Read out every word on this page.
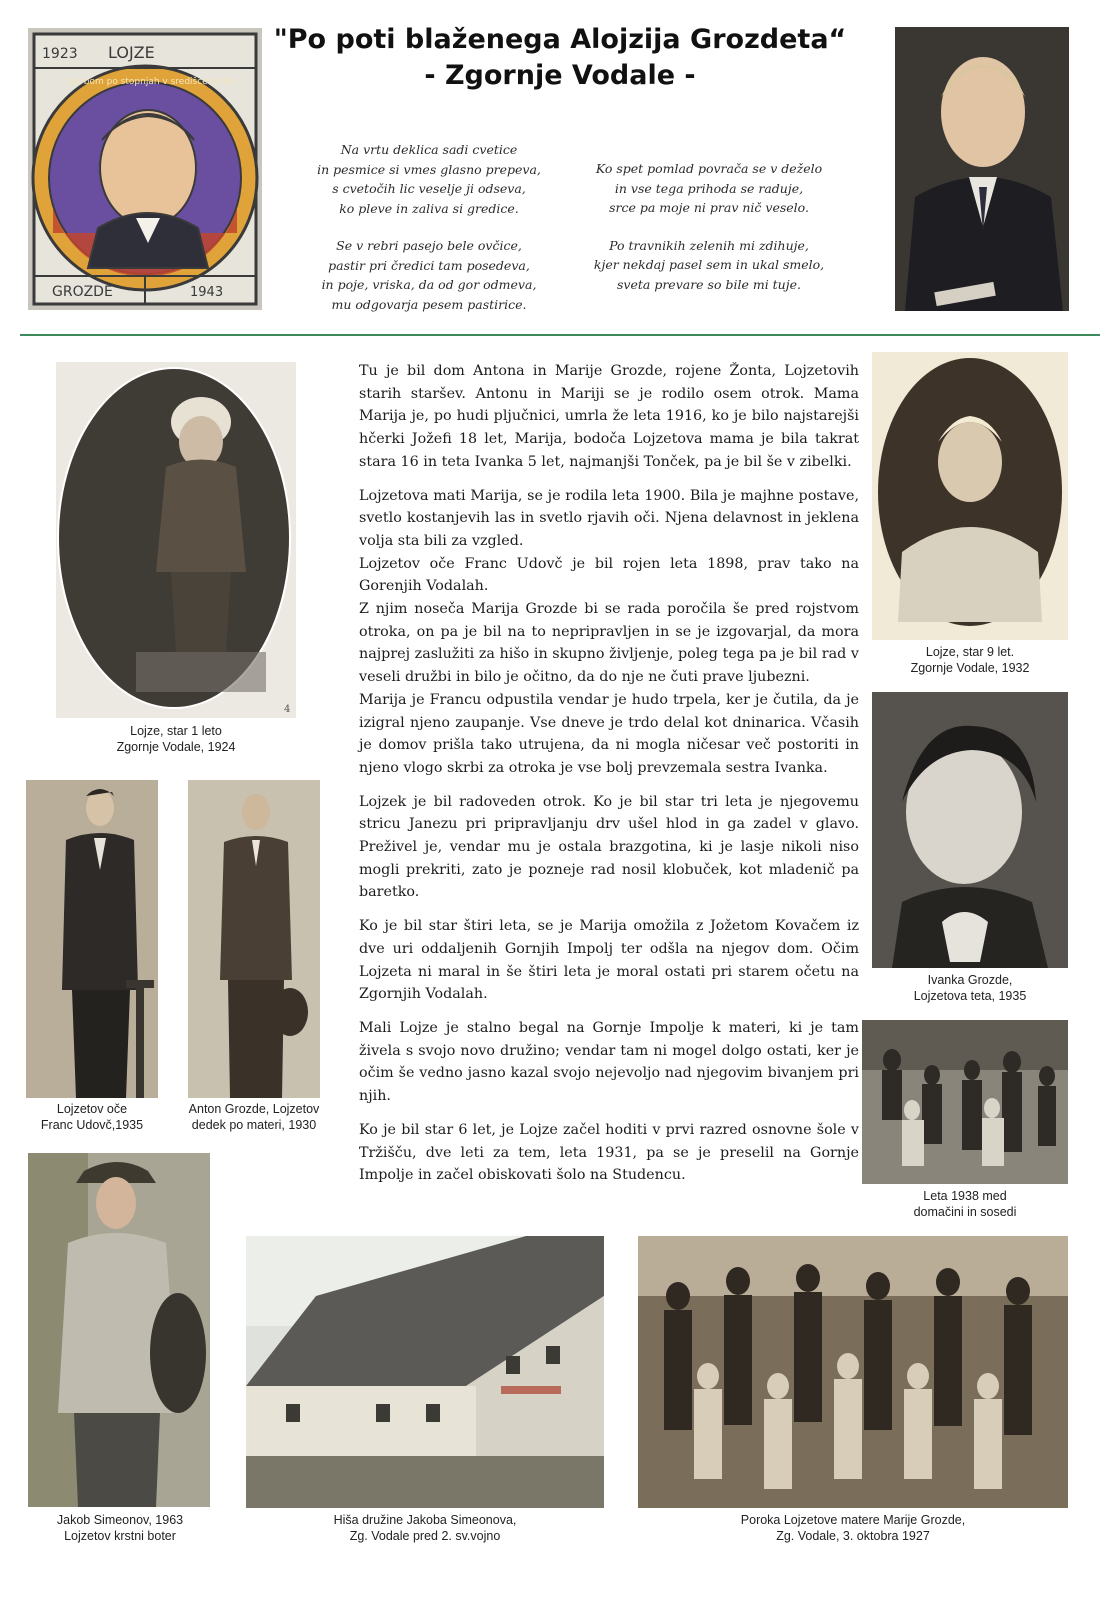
"Po poti blaženega Alojzija Grozdeta“
- Zgornje Vodale -
1923 LOJZE
Jaz bom po stopnjah v središče prišel
GROZDE	1943

Na vrtu deklica sadi cvetice

in pesmice si vmes glasno prepeva,

s cvetočih lic veselje ji odseva,

ko pleve in zaliva si gredice.

Se v rebri pasejo bele ovčice,

pastir pri čredici tam posedeva,

in poje, vriska, da od gor odmeva,

mu odgovarja pesem pastirice.

Ko spet pomlad povrača se v deželo

in vse tega prihoda se raduje,

srce pa moje ni prav nič veselo.

Po travnikih zelenih mi zdihuje,

kjer nekdaj pasel sem in ukal smelo,

sveta prevare so bile mi tuje.

4
Lojze, star 1 leto
Zgornje Vodale, 1924
Lojzetov oče
Franc Udovč,1935
Anton Grozde, Lojzetov
dedek po materi, 1930

Tu je bil dom Antona in Marije Grozde, rojene Žonta, Lojzetovih starih staršev. Antonu in Mariji se je rodilo osem otrok. Mama Marija je, po hudi pljučnici, umrla že leta 1916, ko je bilo najstarejši hčerki Jožefi 18 let, Marija, bodoča Lojzetova mama je bila takrat stara 16 in teta Ivanka 5 let, najmanjši Tonček, pa je bil še v zibelki.

Lojzetova mati Marija, se je rodila leta 1900. Bila je majhne postave, svetlo kostanjevih las in svetlo rjavih oči. Njena delavnost in jeklena volja sta bili za vzgled.

Lojzetov oče Franc Udovč je bil rojen leta 1898, prav tako na Gorenjih Vodalah.

Z njim noseča Marija Grozde bi se rada poročila še pred rojstvom otroka, on pa je bil na to nepripravljen in se je izgovarjal, da mora najprej zaslužiti za hišo in skupno življenje, poleg tega pa je bil rad v veseli družbi in bilo je očitno, da do nje ne čuti prave ljubezni.

Marija je Francu odpustila vendar je hudo trpela, ker je čutila, da je izigral njeno zaupanje. Vse dneve je trdo delal kot dninarica. Včasih je domov prišla tako utrujena, da ni mogla ničesar več postoriti in njeno vlogo skrbi za otroka je vse bolj prevzemala sestra Ivanka.

Lojzek je bil radoveden otrok. Ko je bil star tri leta je njegovemu stricu Janezu pri pripravljanju drv ušel hlod in ga zadel v glavo. Preživel je, vendar mu je ostala brazgotina, ki je lasje nikoli niso mogli prekriti, zato je pozneje rad nosil klobuček, kot mladenič pa baretko.

Ko je bil star štiri leta, se je Marija omožila z Jožetom Kovačem iz dve uri oddaljenih Gornjih Impolj ter odšla na njegov dom. Očim Lojzeta ni maral in še štiri leta je moral ostati pri starem očetu na Zgornjih Vodalah.

Mali Lojze je stalno begal na Gornje Impolje k materi, ki je tam živela s svojo novo družino; vendar tam ni mogel dolgo ostati, ker je očim še vedno jasno kazal svojo nejevoljo nad njegovim bivanjem pri njih.

Ko je bil star 6 let, je Lojze začel hoditi v prvi razred osnovne šole v Tržišču, dve leti za tem, leta 1931, pa se je preselil na Gornje Impolje in začel obiskovati šolo na Studencu.

Lojze, star 9 let.
Zgornje Vodale, 1932
Ivanka Grozde,
Lojzetova teta, 1935
Leta 1938 med
domačini in sosedi
Jakob Simeonov, 1963
Lojzetov krstni boter
Hiša družine Jakoba Simeonova,
Zg. Vodale pred 2. sv.vojno
Poroka Lojzetove matere Marije Grozde,
Zg. Vodale, 3. oktobra 1927
